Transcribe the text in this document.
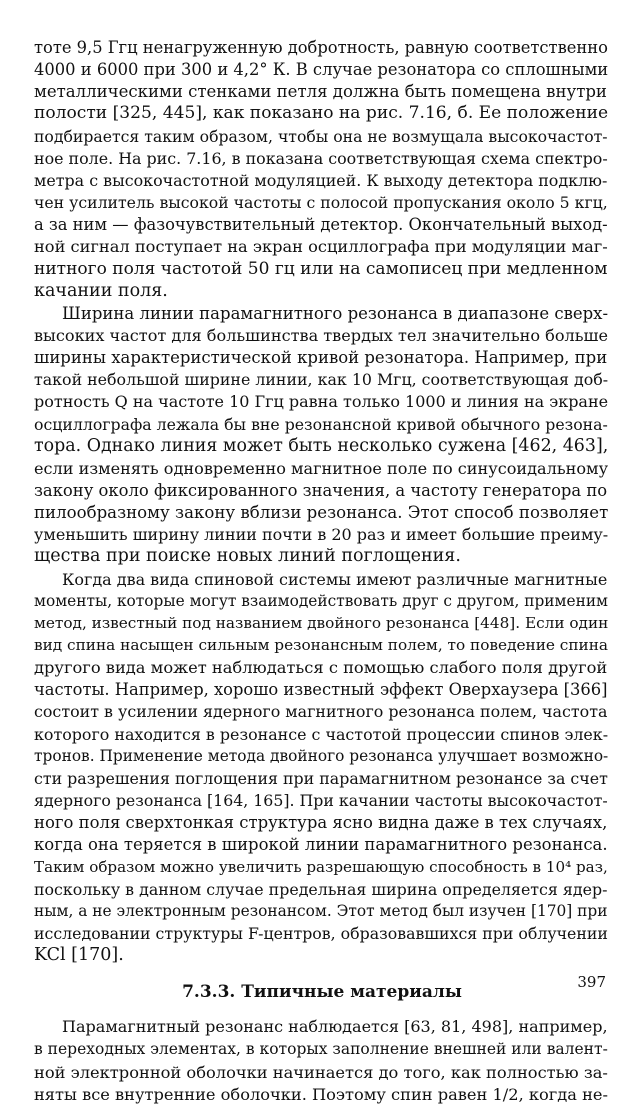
тоте 9,5 Ггц ненагруженную добротность, равную соответственно
4000 и 6000 при 300 и 4,2° К. В случае резонатора со сплошными
металлическими стенками петля должна быть помещена внутри
полости [325, 445], как показано на рис. 7.16, б. Ее положение
подбирается таким образом, чтобы она не возмущала высокочастот-
ное поле. На рис. 7.16, в показана соответствующая схема спектро-
метра с высокочастотной модуляцией. К выходу детектора подклю-
чен усилитель высокой частоты с полосой пропускания около 5 кгц,
а за ним — фазочувствительный детектор. Окончательный выход-
ной сигнал поступает на экран осциллографа при модуляции маг-
нитного поля частотой 50 гц или на самописец при медленном
качании поля.
Ширина линии парамагнитного резонанса в диапазоне сверх-
высоких частот для большинства твердых тел значительно больше
ширины характеристической кривой резонатора. Например, при
такой небольшой ширине линии, как 10 Мгц, соответствующая доб-
ротность Q на частоте 10 Ггц равна только 1000 и линия на экране
осциллографа лежала бы вне резонансной кривой обычного резона-
тора. Однако линия может быть несколько сужена [462, 463],
если изменять одновременно магнитное поле по синусоидальному
закону около фиксированного значения, а частоту генератора по
пилообразному закону вблизи резонанса. Этот способ позволяет
уменьшить ширину линии почти в 20 раз и имеет большие преиму-
щества при поиске новых линий поглощения.
Когда два вида спиновой системы имеют различные магнитные
моменты, которые могут взаимодействовать друг с другом, применим
метод, известный под названием двойного резонанса [448]. Если один
вид спина насыщен сильным резонансным полем, то поведение спина
другого вида может наблюдаться с помощью слабого поля другой
частоты. Например, хорошо известный эффект Оверхаузера [366]
состоит в усилении ядерного магнитного резонанса полем, частота
которого находится в резонансе с частотой процессии спинов элек-
тронов. Применение метода двойного резонанса улучшает возможно-
сти разрешения поглощения при парамагнитном резонансе за счет
ядерного резонанса [164, 165]. При качании частоты высокочастот-
ного поля сверхтонкая структура ясно видна даже в тех случаях,
когда она теряется в широкой линии парамагнитного резонанса.
Таким образом можно увеличить разрешающую способность в 10⁴ раз,
поскольку в данном случае предельная ширина определяется ядер-
ным, а не электронным резонансом. Этот метод был изучен [170] при
исследовании структуры F-центров, образовавшихся при облучении
KCl [170].
7.3.3. Типичные материалы
Парамагнитный резонанс наблюдается [63, 81, 498], например,
в переходных элементах, в которых заполнение внешней или валент-
ной электронной оболочки начинается до того, как полностью за-
няты все внутренние оболочки. Поэтому спин равен 1/2, когда не-
397
